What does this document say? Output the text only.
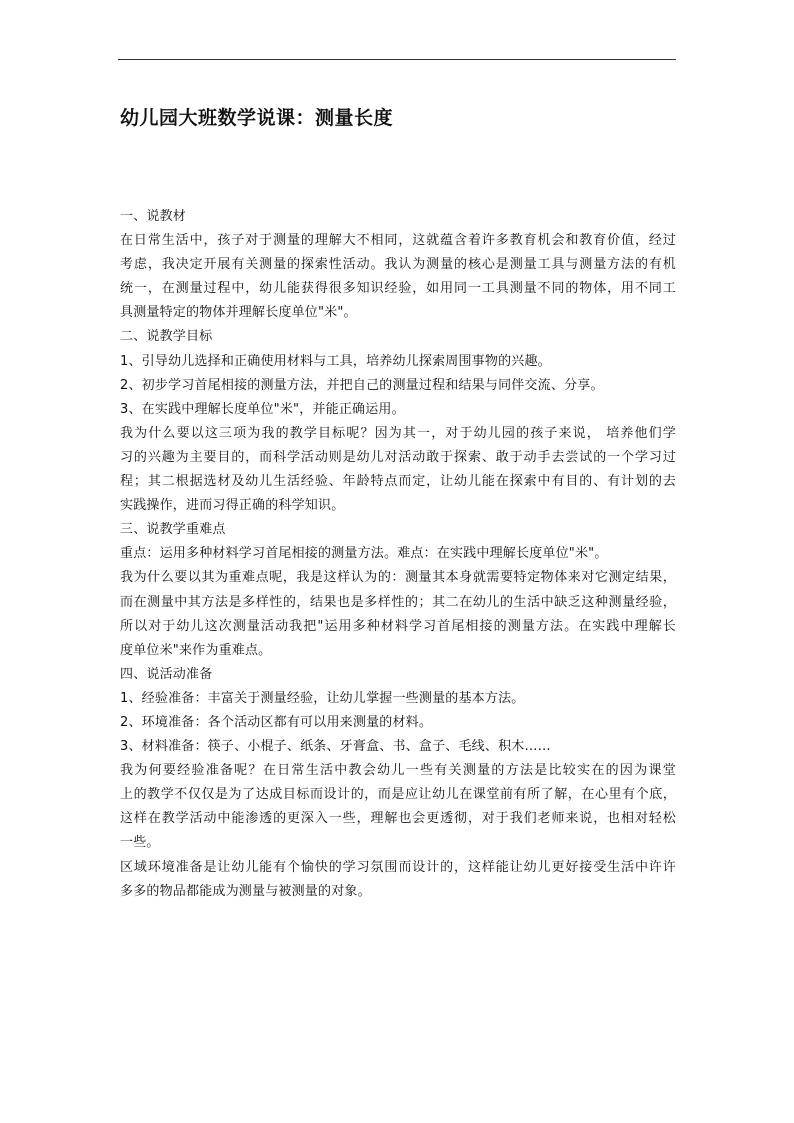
幼儿园大班数学说课：测量长度
一、说教材
在日常生活中，孩子对于测量的理解大不相同，这就蕴含着许多教育机会和教育价值，经过
考虑，我决定开展有关测量的探索性活动。我认为测量的核心是测量工具与测量方法的有机
统一，在测量过程中，幼儿能获得很多知识经验，如用同一工具测量不同的物体，用不同工
具测量特定的物体并理解长度单位"米"。
二、说教学目标
1、引导幼儿选择和正确使用材料与工具，培养幼儿探索周围事物的兴趣。
2、初步学习首尾相接的测量方法，并把自己的测量过程和结果与同伴交流、分享。
3、在实践中理解长度单位"米"，并能正确运用。
我为什么要以这三项为我的教学目标呢？因为其一，对于幼儿园的孩子来说， 培养他们学
习的兴趣为主要目的，而科学活动则是幼儿对活动敢于探索、敢于动手去尝试的一个学习过
程；其二根据选材及幼儿生活经验、年龄特点而定，让幼儿能在探索中有目的、有计划的去
实践操作，进而习得正确的科学知识。
三、说教学重难点
重点：运用多种材料学习首尾相接的测量方法。难点：在实践中理解长度单位"米"。
我为什么要以其为重难点呢，我是这样认为的：测量其本身就需要特定物体来对它测定结果，
而在测量中其方法是多样性的，结果也是多样性的；其二在幼儿的生活中缺乏这种测量经验，
所以对于幼儿这次测量活动我把"运用多种材料学习首尾相接的测量方法。在实践中理解长
度单位米"来作为重难点。
四、说活动准备
1、经验准备：丰富关于测量经验，让幼儿掌握一些测量的基本方法。
2、环境准备：各个活动区都有可以用来测量的材料。
3、材料准备：筷子、小棍子、纸条、牙膏盒、书、盒子、毛线、积木……
我为何要经验准备呢？在日常生活中教会幼儿一些有关测量的方法是比较实在的因为课堂
上的教学不仅仅是为了达成目标而设计的，而是应让幼儿在课堂前有所了解，在心里有个底，
这样在教学活动中能渗透的更深入一些，理解也会更透彻，对于我们老师来说，也相对轻松
一些。
区域环境准备是让幼儿能有个愉快的学习氛围而设计的，这样能让幼儿更好接受生活中许许
多多的物品都能成为测量与被测量的对象。
